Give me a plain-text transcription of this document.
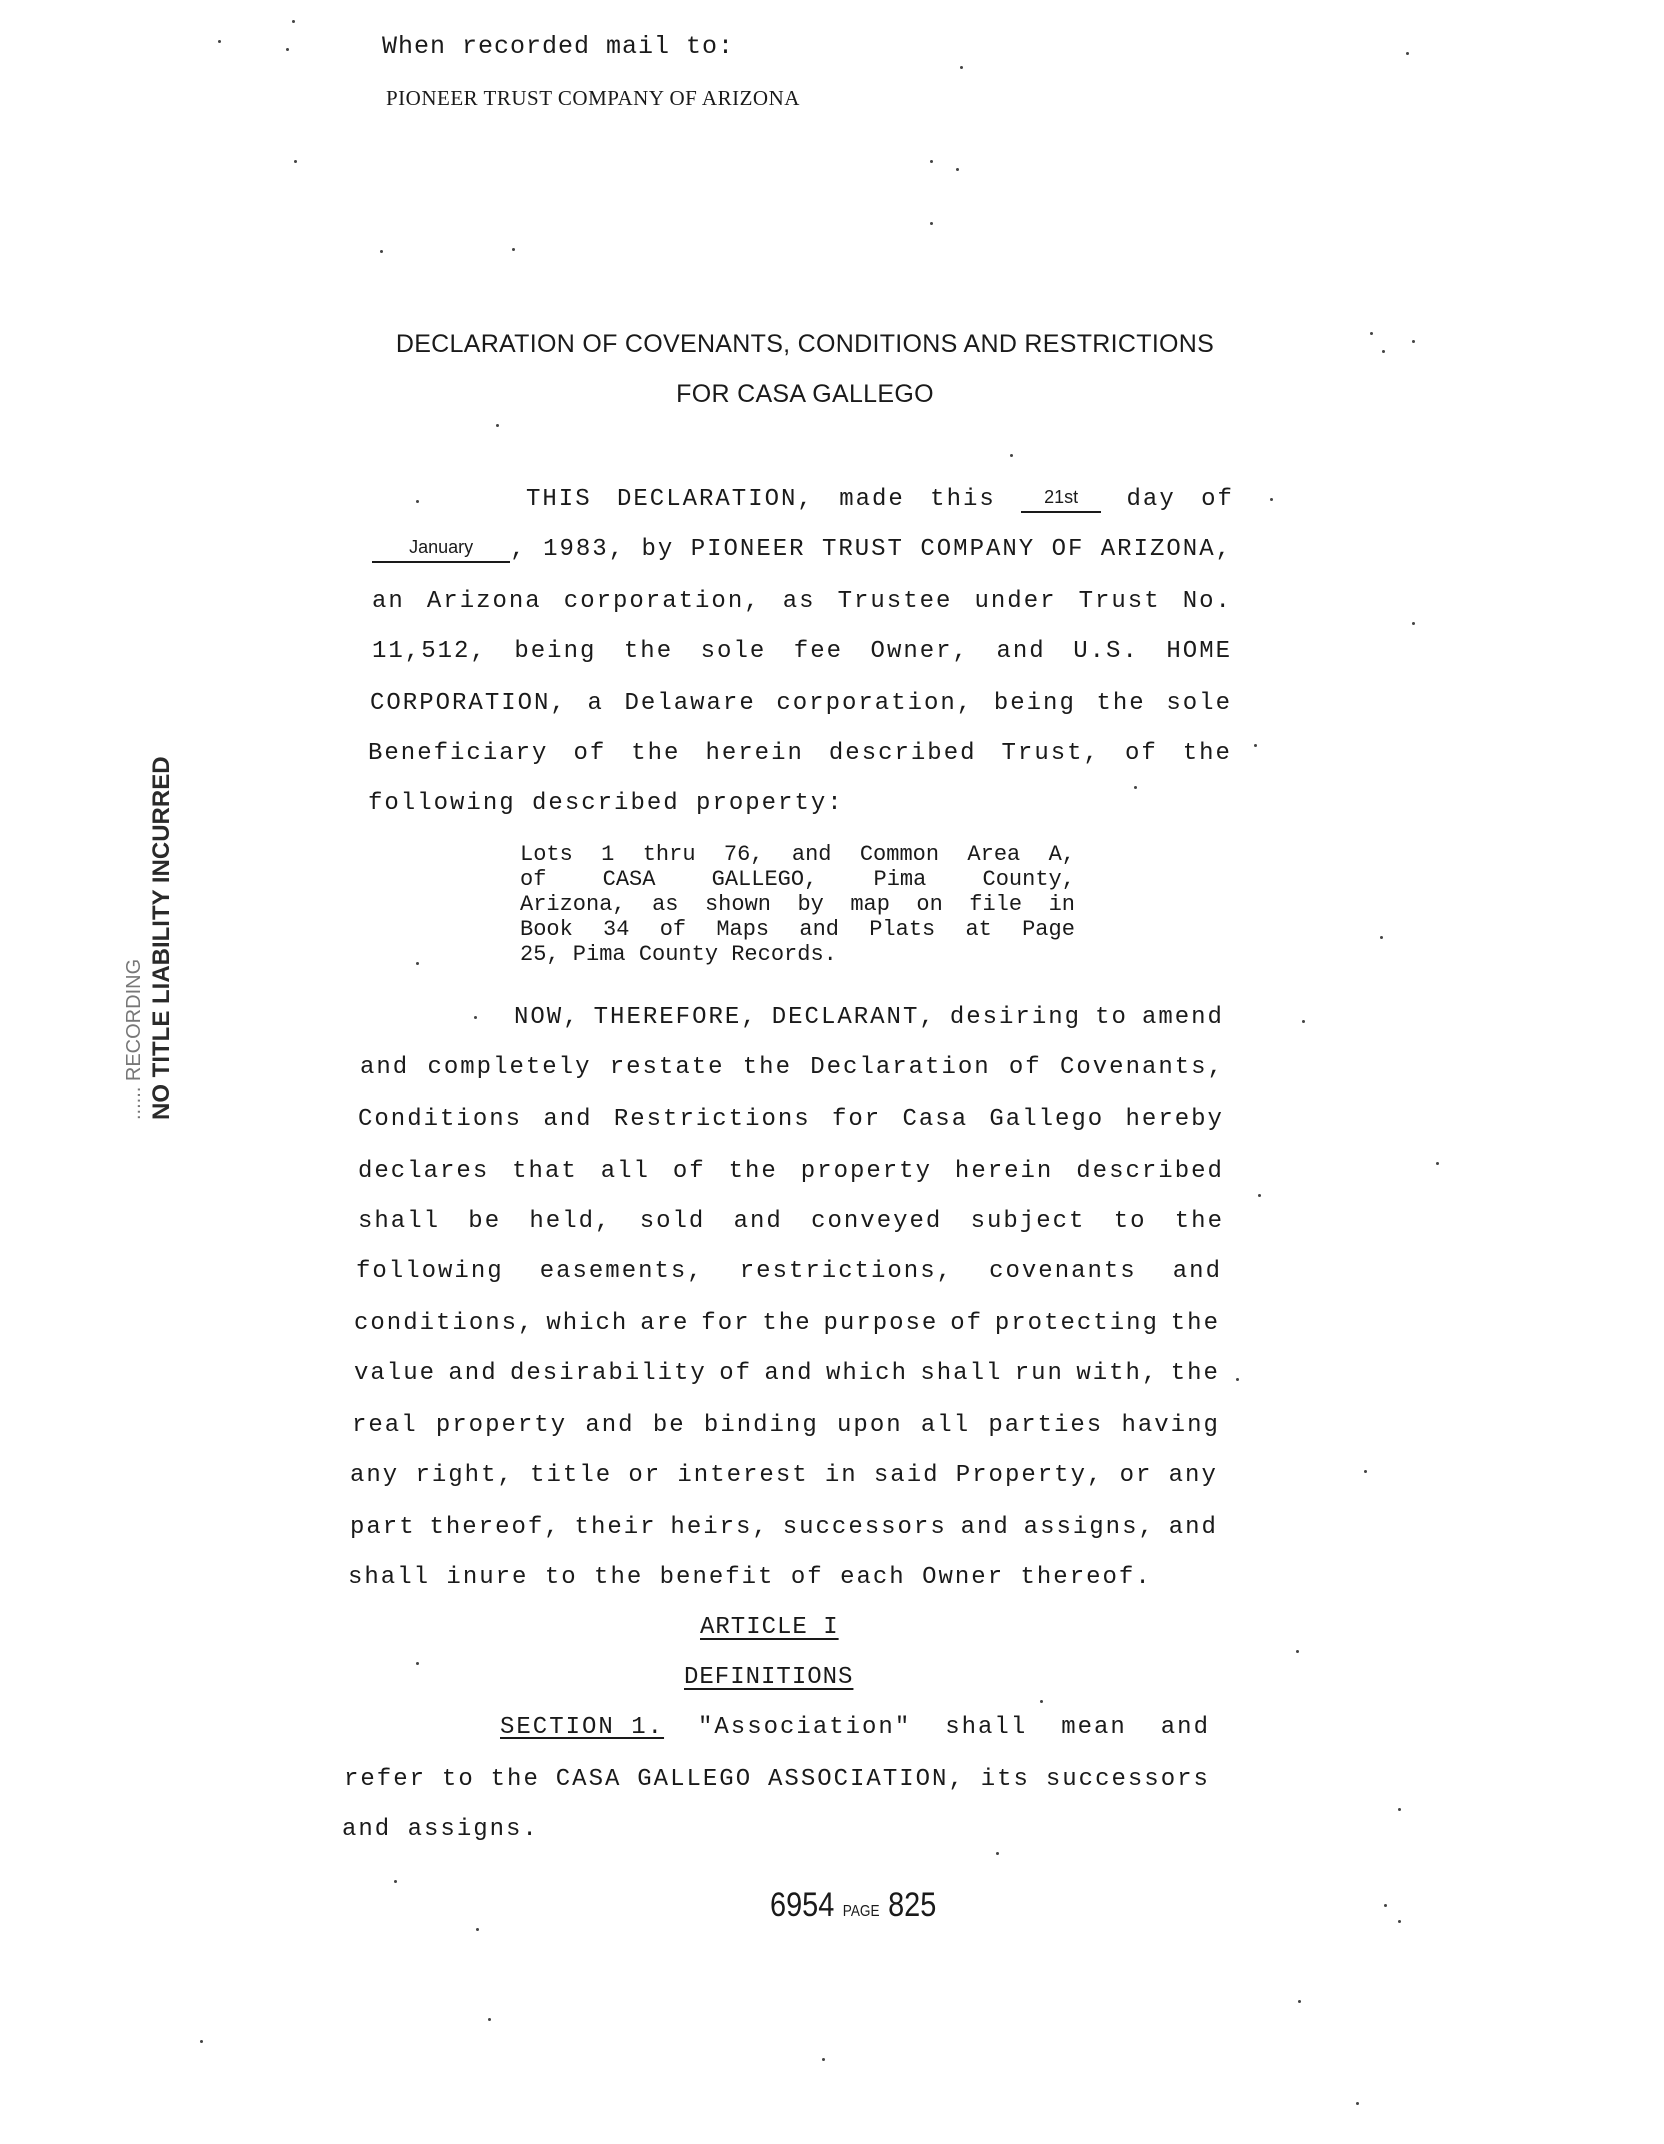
When recorded mail to:
PIONEER TRUST COMPANY OF ARIZONA
DECLARATION OF COVENANTS, CONDITIONS AND RESTRICTIONS
FOR CASA GALLEGO
THIS DECLARATION, made this	21st	day of
January	, 1983, by PIONEER TRUST COMPANY OF ARIZONA,
an Arizona corporation, as Trustee under Trust No.
11,512, being the sole fee Owner, and U.S. HOME
CORPORATION, a Delaware corporation, being the sole
Beneficiary of the herein described Trust, of the
following described property:
Lots 1 thru 76, and Common Area A,
of	CASA	GALLEGO,	Pima	County,
Arizona, as shown by map on file in
Book 34 of Maps and Plats at Page
25, Pima County Records.
NOW, THEREFORE, DECLARANT, desiring to amend
and completely restate the Declaration of Covenants,
Conditions and Restrictions for Casa Gallego hereby
declares that all of the property herein described
shall be held, sold and conveyed subject to the
following easements, restrictions, covenants and
conditions, which are for the purpose of protecting the
value and desirability of and which shall run with, the
real property and be binding upon all parties having
any right, title or interest in said Property, or any
part thereof, their heirs, successors and assigns, and
shall inure to the benefit of each Owner thereof.
ARTICLE I
DEFINITIONS
SECTION 1. "Association" shall mean and
refer to the CASA GALLEGO ASSOCIATION, its successors
and assigns.
...... RECORDING NO TITLE LIABILITY INCURRED
6954 PAGE 825
